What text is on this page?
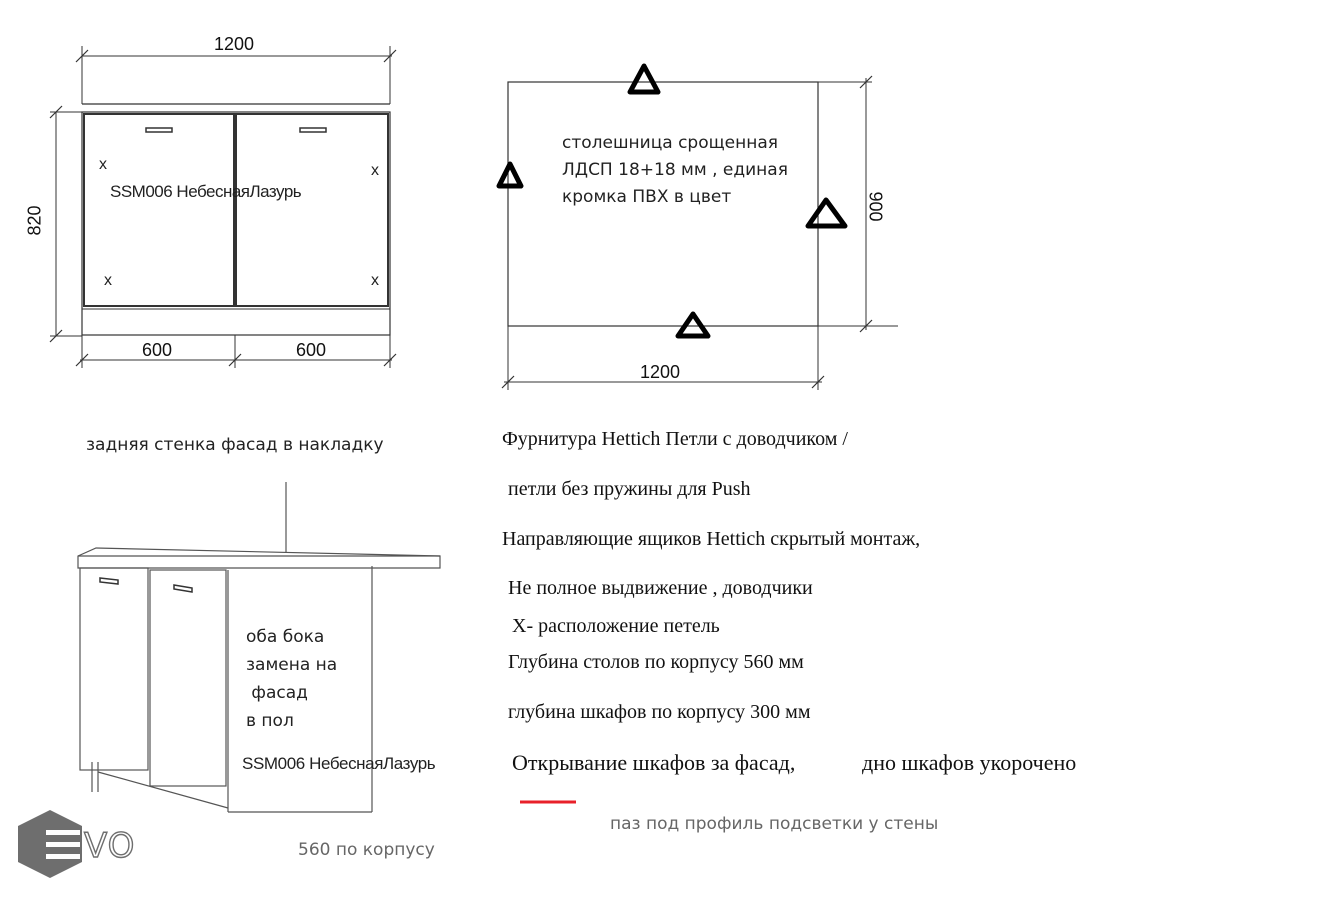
1200
820
600	600
SSM006 НебеснаяЛазурь
x
x
x
x
столешница срощенная
ЛДСП 18+18 мм , единая
кромка ПВХ в цвет	900
1200
задняя стенка фасад в накладку
оба бока
замена на
фасад
в пол
SSM006 НебеснаяЛазурь
560 по корпусу
Фурнитура Hettich Петли с доводчиком /
петли без пружины для Push
Направляющие ящиков Hettich скрытый монтаж,
Не полное выдвижение , доводчики
X- расположение петель
Глубина столов по корпусу 560 мм
глубина шкафов по корпусу 300 мм
Открывание шкафов за фасад,	дно шкафов укорочено
паз под профиль подсветки у стены
VO
